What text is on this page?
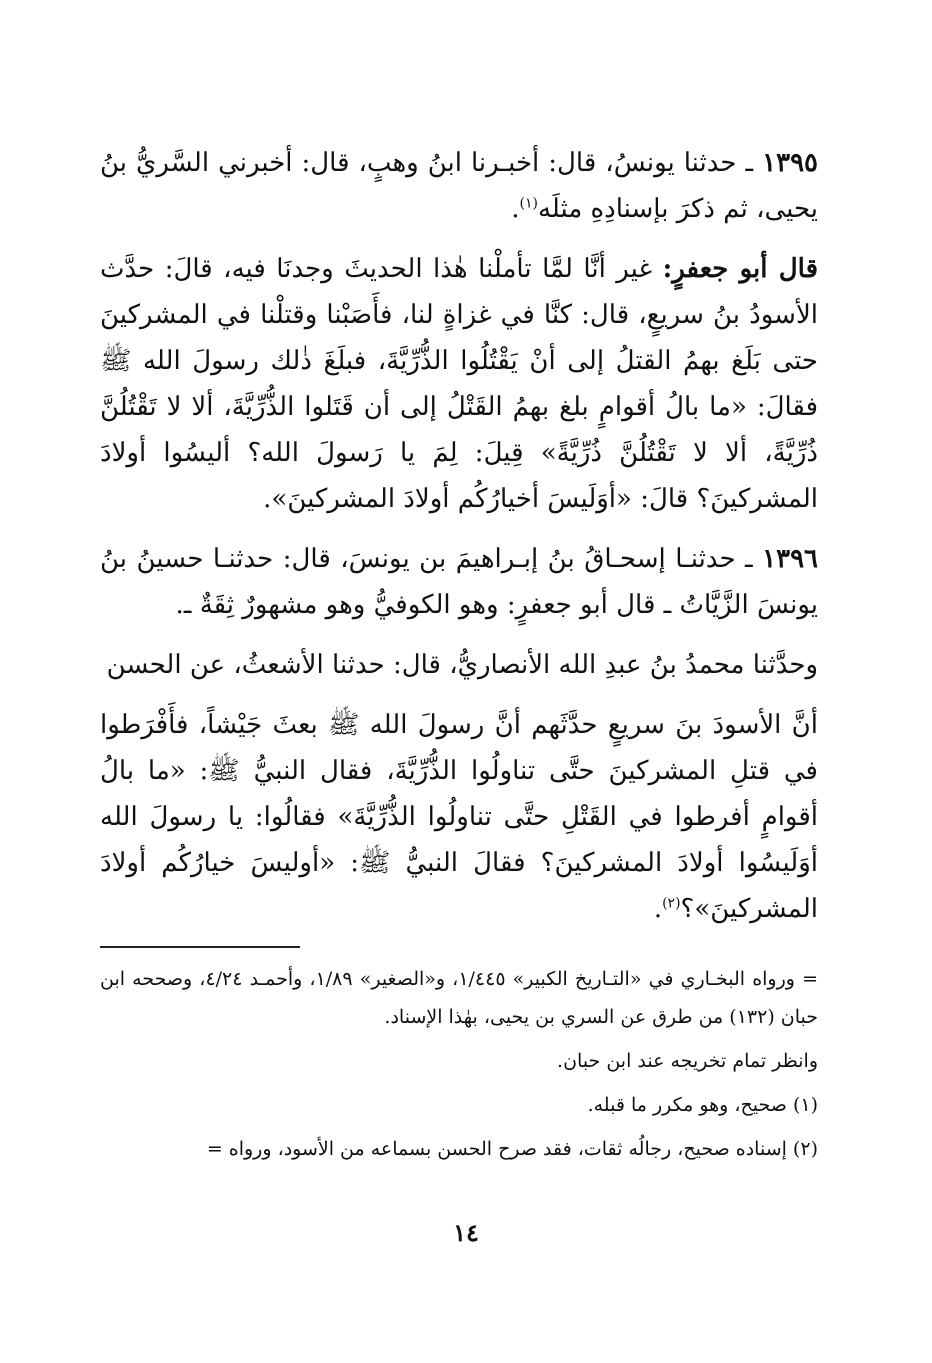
١٣٩٥ ـ حدثنا يونسُ، قال: أخبـرنا ابنُ وهبٍ، قال: أخبرني السَّريُّ بنُ يحيى، ثم ذكرَ بإسنادِهِ مثلَه$^{(١)}$.

قال أبو جعفرٍ: غير أنَّا لمَّا تأملْنا هٰذا الحديثَ وجدنَا فيه، قالَ: حدَّث الأسودُ بنُ سريعٍ، قال: كنَّا في غزاةٍ لنا، فأَصَبْنا وقتلْنا في المشركينَ حتى بَلَغ بهمُ القتلُ إلى أنْ يَقْتُلُوا الذُّرِّيَّةَ، فبلَغَ ذٰلك رسولَ الله ﷺ فقالَ: «ما بالُ أقوامٍ بلغ بهمُ القَتْلُ إلى أن قَتَلوا الذُّرِّيَّةَ، ألا لا تَقْتُلُنَّ ذُرِّيَّةً، ألا لا تَقْتُلُنَّ ذُرِّيَّةً» قِيلَ: لِمَ يا رَسولَ الله؟ أليسُوا أولادَ المشركينَ؟ قالَ: «أوَلَيسَ أخيارُكُم أولادَ المشركينَ».

١٣٩٦ ـ حدثنـا إسحـاقُ بنُ إبـراهيمَ بن يونسَ، قال: حدثنـا حسينُ بنُ يونسَ الزَّيَّاتُ ـ قال أبو جعفرٍ: وهو الكوفيُّ وهو مشهورٌ ثِقَةٌ ـ.

وحدَّثنا محمدُ بنُ عبدِ الله الأنصاريُّ، قال: حدثنا الأشعثُ، عن الحسن

أنَّ الأسودَ بنَ سريعٍ حدَّثَهم أنَّ رسولَ الله ﷺ بعثَ جَيْشاً، فأَفْرَطوا في قتلِ المشركينَ حتَّى تناولُوا الذُّرِّيَّةَ، فقال النبيُّ ﷺ: «ما بالُ أقوامٍ أفرطوا في القَتْلِ حتَّى تناولُوا الذُّرِّيَّةَ» فقالُوا: يا رسولَ الله أوَلَيسُوا أولادَ المشركينَ؟ فقالَ النبيُّ ﷺ: «أوليسَ خيارُكُم أولادَ المشركينَ»؟$^{(٢)}$.

= ورواه البخـاري في «التـاريخ الكبير» ١/٤٤٥، و«الصغير» ١/٨٩، وأحمـد ٤/٢٤، وصححه ابن حبان (١٣٢) من طرق عن السري بن يحيى، بهٰذا الإسناد.

وانظر تمام تخريجه عند ابن حبان.

(١) صحيح، وهو مكرر ما قبله.

(٢) إسناده صحيح، رجالُه ثقات، فقد صرح الحسن بسماعه من الأسود، ورواه =

١٤
